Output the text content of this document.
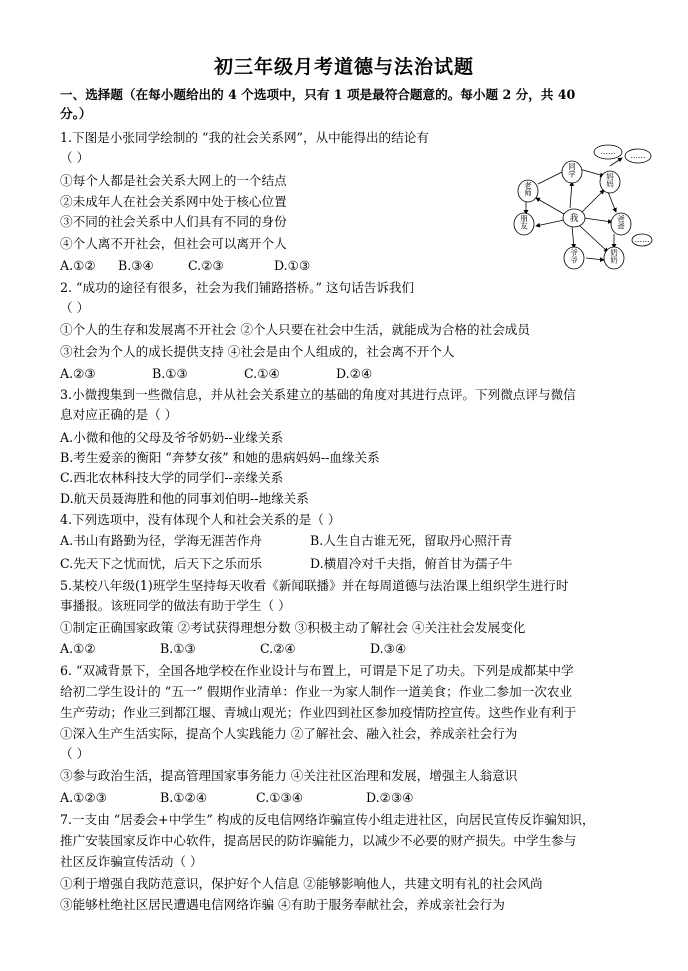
初三年级月考道德与法治试题
一、选择题（在每小题给出的 4 个选项中，只有 1 项是最符合题意的。每小题 2 分，共 40
分。）
1.下图是小张同学绘制的 “我的社会关系网”，从中能得出的结论有
（ ）
①每个人都是社会关系大网上的一个结点
②未成年人在社会关系网中处于核心位置
③不同的社会关系中人们具有不同的身份
④个人离不开社会，但社会可以离开个人
A.①② B.③④	C.②③	D.①③
我
同学
妈妈
老师
朋友	爸爸
爷爷	奶奶
…… ……
……
2. “成功的途径有很多，社会为我们铺路搭桥。” 这句话告诉我们
（ ）
①个人的生存和发展离不开社会 ②个人只要在社会中生活，就能成为合格的社会成员
③社会为个人的成长提供支持 ④社会是由个人组成的，社会离不开个人
A.②③	B.①③	C.①④	D.②④
3.小微搜集到一些微信息，并从社会关系建立的基础的角度对其进行点评。下列微点评与微信
息对应正确的是（ ）
A.小微和他的父母及爷爷奶奶--业缘关系
B.考生爱亲的衡阳 “奔梦女孩” 和她的患病妈妈--血缘关系
C.西北农林科技大学的同学们--亲缘关系
D.航天员聂海胜和他的同事刘伯明--地缘关系
4.下列选项中，没有体现个人和社会关系的是（ ）
A.书山有路勤为径，学海无涯苦作舟	B.人生自古谁无死，留取丹心照汗青
C.先天下之忧而忧，后天下之乐而乐	D.横眉冷对千夫指，俯首甘为孺子牛
5.某校八年级(1)班学生坚持每天收看《新闻联播》并在每周道德与法治课上组织学生进行时
事播报。该班同学的做法有助于学生（ ）
①制定正确国家政策 ②考试获得理想分数 ③积极主动了解社会 ④关注社会发展变化
A.①②	B.①③	C.②④	D.③④
6. “双减背景下，全国各地学校在作业设计与布置上，可谓是下足了功夫。下列是成都某中学
给初二学生设计的 “五一” 假期作业清单：作业一为家人制作一道美食；作业二参加一次农业
生产劳动；作业三到都江堰、青城山观光；作业四到社区参加疫情防控宣传。这些作业有利于
①深入生产生活实际，提高个人实践能力 ②了解社会、融入社会，养成亲社会行为
（ ）
③参与政治生活，提高管理国家事务能力 ④关注社区治理和发展，增强主人翁意识
A.①②③	B.①②④	C.①③④	D.②③④
7.一支由 “居委会+中学生” 构成的反电信网络诈骗宣传小组走进社区，向居民宣传反诈骗知识，
推广安装国家反诈中心软件，提高居民的防诈骗能力，以减少不必要的财产损失。中学生参与
社区反诈骗宣传活动（ ）
①利于增强自我防范意识，保护好个人信息 ②能够影响他人，共建文明有礼的社会风尚
③能够杜绝社区居民遭遇电信网络诈骗 ④有助于服务奉献社会，养成亲社会行为
